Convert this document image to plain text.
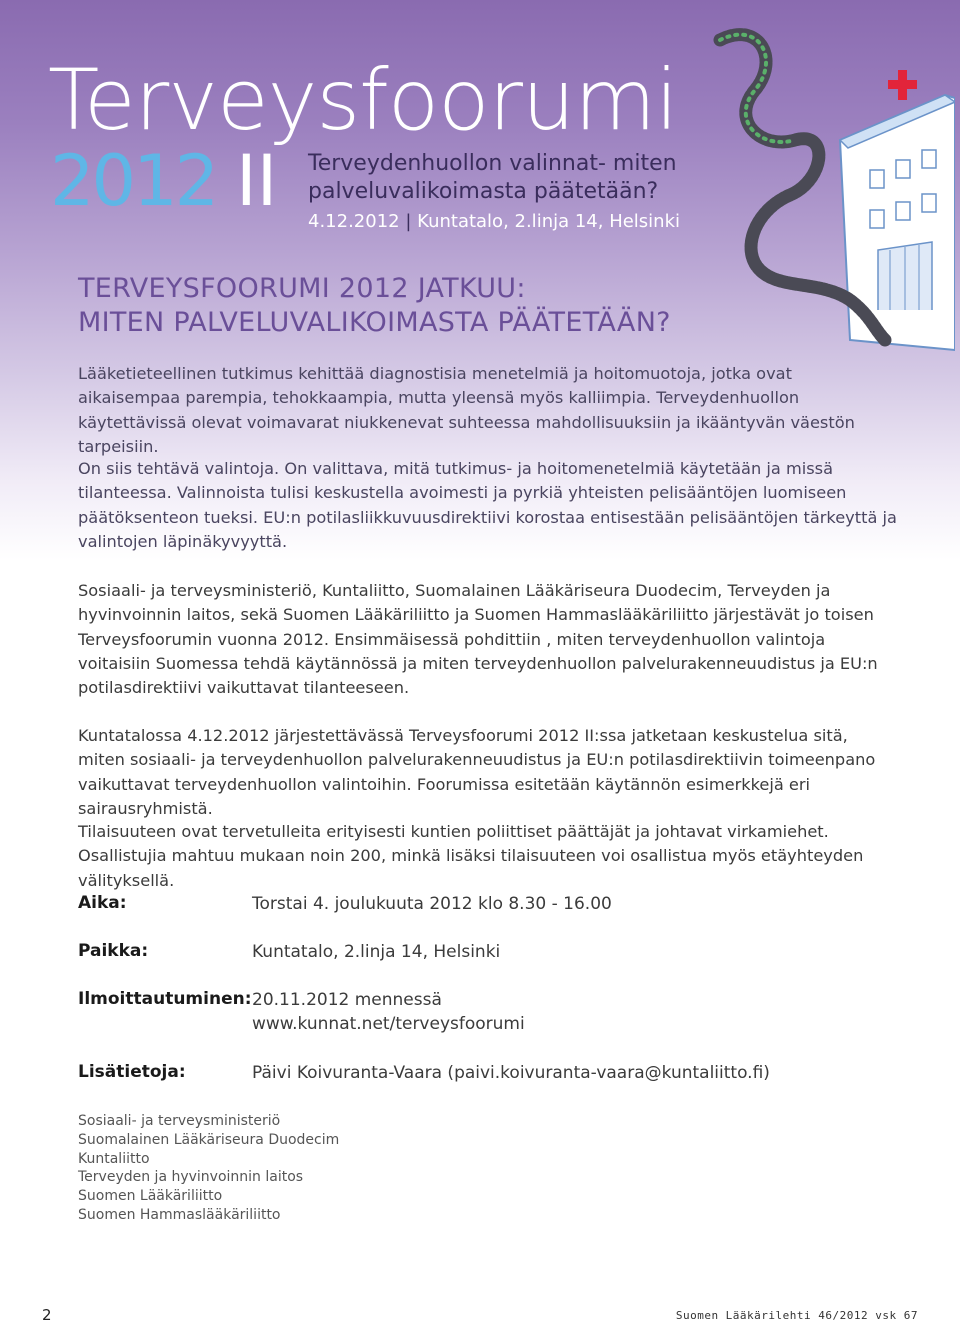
Terveysfoorumi
2012 II Terveydenhuollon valinnat- miten palveluvalikoimasta päätetään?
4.12.2012 | Kuntatalo, 2.linja 14, Helsinki
TERVEYSFOORUMI 2012 JATKUU:
MITEN PALVELUVALIKOIMASTA PÄÄTETÄÄN?

Lääketieteellinen tutkimus kehittää diagnostisia menetelmiä ja hoitomuotoja, jotka ovat aikaisempaa parempia, tehokkaampia, mutta yleensä myös kalliimpia. Terveydenhuollon käytettävissä olevat voimavarat niukkenevat suhteessa mahdollisuuksiin ja ikääntyvän väestön tarpeisiin.

On siis tehtävä valintoja. On valittava, mitä tutkimus- ja hoitomenetelmiä käytetään ja missä tilanteessa. Valinnoista tulisi keskustella avoimesti ja pyrkiä yhteisten pelisääntöjen luomiseen päätöksenteon tueksi. EU:n potilasliikkuvuusdirektiivi korostaa entisestään pelisääntöjen tärkeyttä ja valintojen läpinäkyvyyttä.

Sosiaali- ja terveysministeriö, Kuntaliitto, Suomalainen Lääkäriseura Duodecim, Terveyden ja hyvinvoinnin laitos, sekä Suomen Lääkäriliitto ja Suomen Hammaslääkäriliitto järjestävät jo toisen Terveysfoorumin vuonna 2012. Ensimmäisessä pohdittiin , miten terveydenhuollon valintoja voitaisiin Suomessa tehdä käytännössä ja miten terveydenhuollon palvelurakenneuudistus ja EU:n potilasdirektiivi vaikuttavat tilanteeseen.

Kuntatalossa 4.12.2012 järjestettävässä Terveysfoorumi 2012 II:ssa jatketaan keskustelua sitä, miten sosiaali- ja terveydenhuollon palvelurakenneuudistus ja EU:n potilasdirektiivin toimeenpano vaikuttavat terveydenhuollon valintoihin. Foorumissa esitetään käytännön esimerkkejä eri sairausryhmistä.

Tilaisuuteen ovat tervetulleita erityisesti kuntien poliittiset päättäjät ja johtavat virkamiehet. Osallistujia mahtuu mukaan noin 200, minkä lisäksi tilaisuuteen voi osallistua myös etäyhteyden välityksellä.

Aika:	Torstai 4. joulukuuta 2012 klo 8.30 - 16.00
Paikka:	Kuntatalo, 2.linja 14, Helsinki
Ilmoittautuminen: 20.11.2012 mennessä
www.kunnat.net/terveysfoorumi
Lisätietoja:	Päivi Koivuranta-Vaara (paivi.koivuranta-vaara@kuntaliitto.fi)
Sosiaali- ja terveysministeriö
Suomalainen Lääkäriseura Duodecim
Kuntaliitto
Terveyden ja hyvinvoinnin laitos
Suomen Lääkäriliitto
Suomen Hammaslääkäriliitto
2	Suomen Lääkärilehti 46/2012 vsk 67
